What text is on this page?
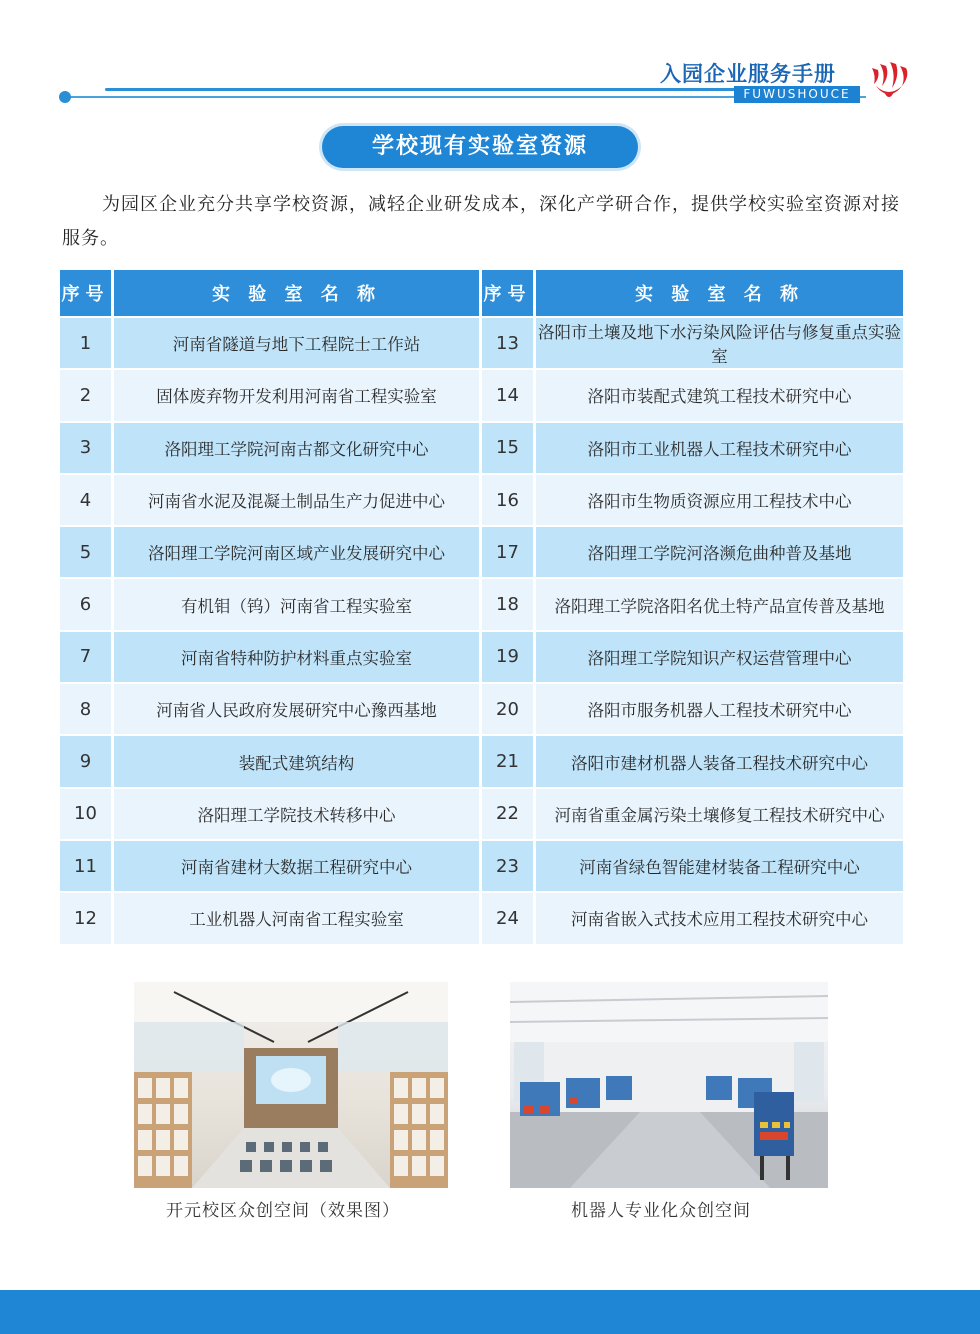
入园企业服务手册
FUWUSHOUCE
学校现有实验室资源

为园区企业充分共享学校资源，减轻企业研发成本，深化产学研合作，提供学校实验室资源对接服务。

序号	实 验 室 名 称	序号	实 验 室 名 称
1	河南省隧道与地下工程院士工作站	13	洛阳市土壤及地下水污染风险评估与修复重点实验室
2	固体废弃物开发利用河南省工程实验室	14	洛阳市装配式建筑工程技术研究中心
3	洛阳理工学院河南古都文化研究中心	15	洛阳市工业机器人工程技术研究中心
4	河南省水泥及混凝土制品生产力促进中心	16	洛阳市生物质资源应用工程技术中心
5	洛阳理工学院河南区域产业发展研究中心	17	洛阳理工学院河洛濒危曲种普及基地
6	有机钼（钨）河南省工程实验室	18	洛阳理工学院洛阳名优土特产品宣传普及基地
7	河南省特种防护材料重点实验室	19	洛阳理工学院知识产权运营管理中心
8	河南省人民政府发展研究中心豫西基地	20	洛阳市服务机器人工程技术研究中心
9	装配式建筑结构	21	洛阳市建材机器人装备工程技术研究中心
10	洛阳理工学院技术转移中心	22	河南省重金属污染土壤修复工程技术研究中心
11	河南省建材大数据工程研究中心	23	河南省绿色智能建材装备工程研究中心
12	工业机器人河南省工程实验室	24	河南省嵌入式技术应用工程技术研究中心
开元校区众创空间（效果图）	机器人专业化众创空间
